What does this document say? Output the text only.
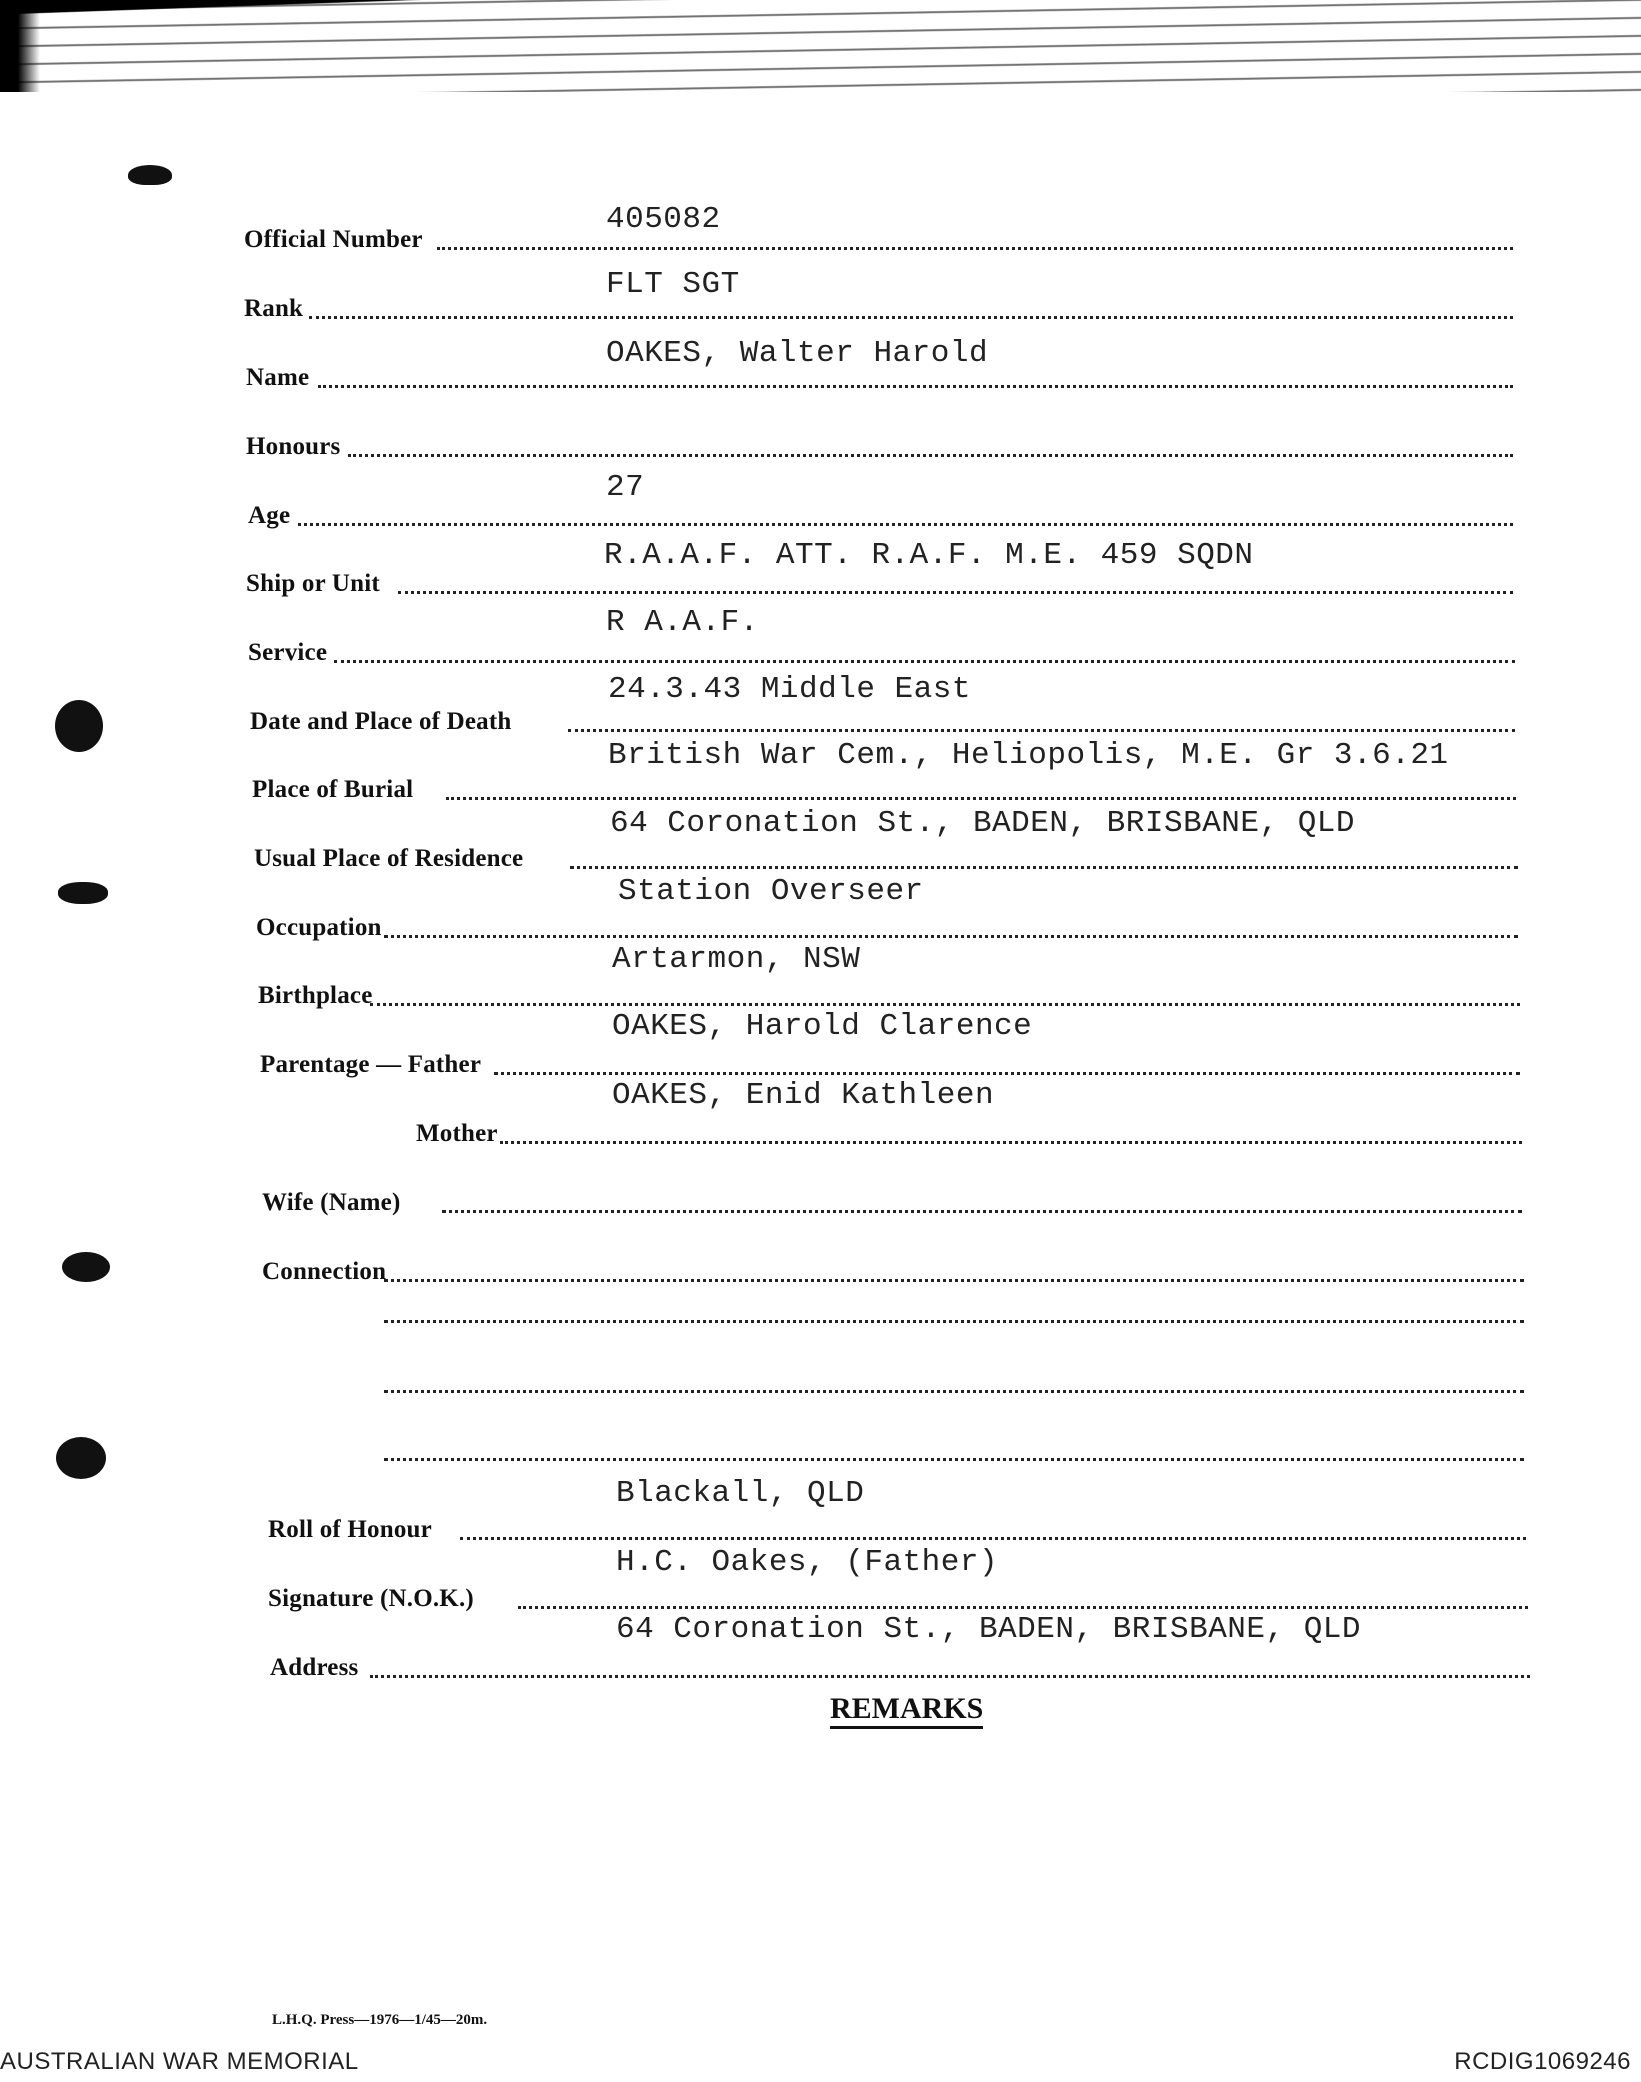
Official Number
405082
Rank
FLT SGT
Name
OAKES, Walter Harold
Honours
Age
27
Ship or Unit
R.A.A.F. ATT. R.A.F. M.E. 459 SQDN
Service
R A.A.F.
Date and Place of Death
24.3.43 Middle East
Place of Burial
British War Cem., Heliopolis, M.E. Gr 3.6.21
Usual Place of Residence
64 Coronation St., BADEN, BRISBANE, QLD
Occupation
Station Overseer
Birthplace
Artarmon, NSW
Parentage — Father
OAKES, Harold Clarence
Mother
OAKES, Enid Kathleen
Wife (Name)
Connection
Roll of Honour
Blackall, QLD
Signature (N.O.K.)
H.C. Oakes, (Father)
Address
64 Coronation St., BADEN, BRISBANE, QLD
REMARKS
L.H.Q. Press—1976—1/45—20m.
AUSTRALIAN WAR MEMORIAL	RCDIG1069246
